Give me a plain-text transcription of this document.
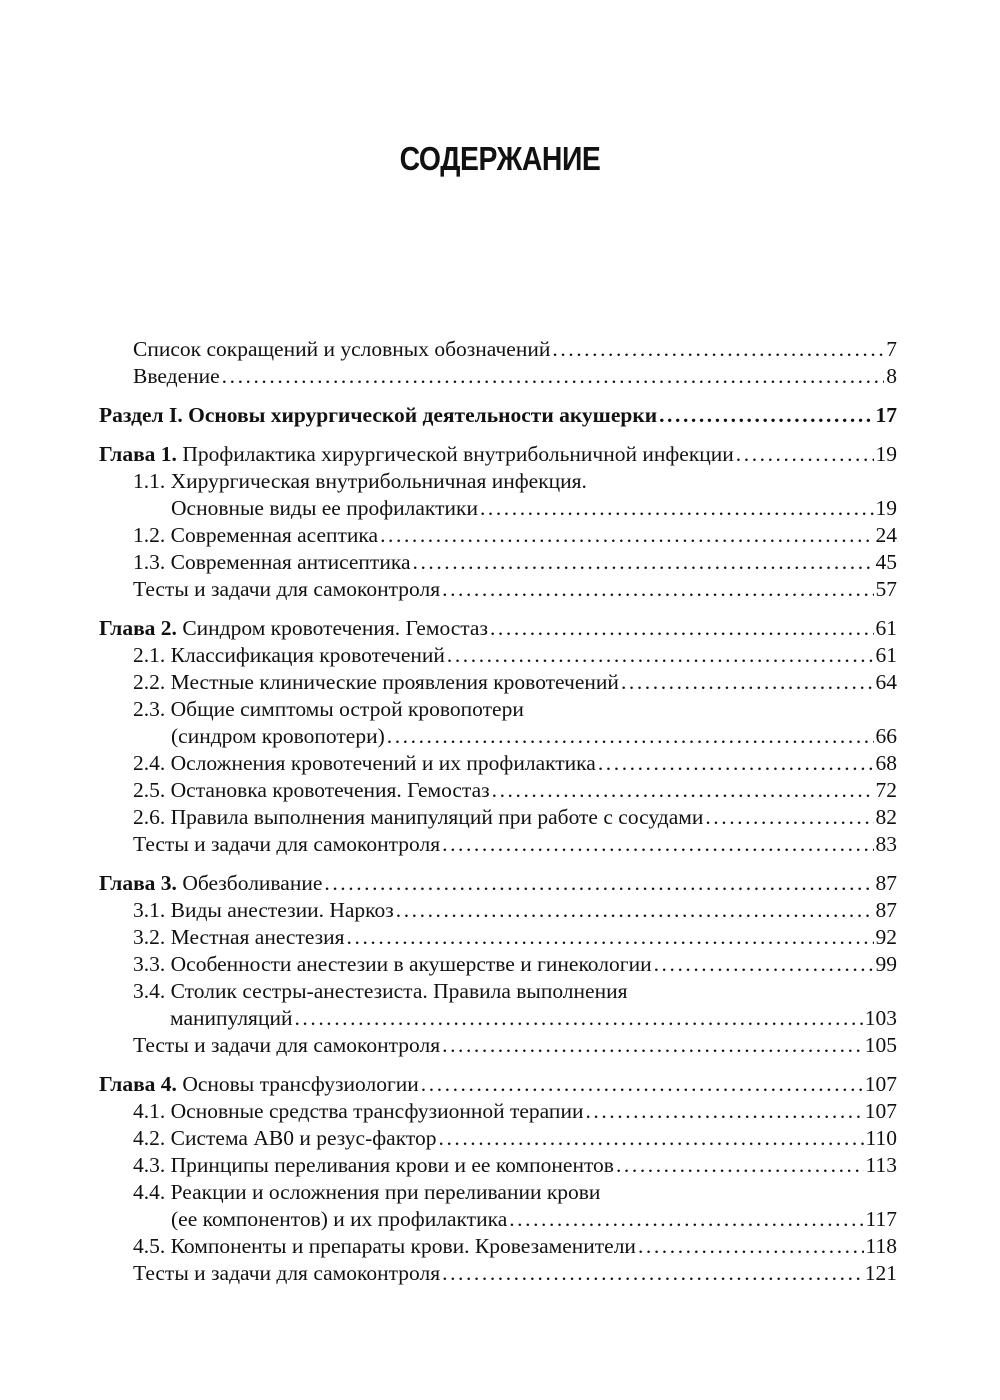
СОДЕРЖАНИЕ
Список сокращений и условных обозначений . . .	7
Введение . . .	8
Раздел I. Основы хирургической деятельности акушерки . . .	17
Глава 1. Профилактика хирургической внутрибольничной инфекции . . .	19
1.1. Хирургическая внутрибольничная инфекция.
Основные виды ее профилактики . . .	19
1.2. Современная асептика . . .	24
1.3. Современная антисептика . . .	45
Тесты и задачи для самоконтроля . . .	57
Глава 2. Синдром кровотечения. Гемостаз . . .	61
2.1. Классификация кровотечений . . .	61
2.2. Местные клинические проявления кровотечений . . .	64
2.3. Общие симптомы острой кровопотери
(синдром кровопотери) . . .	66
2.4. Осложнения кровотечений и их профилактика . . .	68
2.5. Остановка кровотечения. Гемостаз . . .	72
2.6. Правила выполнения манипуляций при работе с сосудами . . .	82
Тесты и задачи для самоконтроля . . .	83
Глава 3. Обезболивание . . .	87
3.1. Виды анестезии. Наркоз . . .	87
3.2. Местная анестезия . . .	92
3.3. Особенности анестезии в акушерстве и гинекологии . . .	99
3.4. Столик сестры-анестезиста. Правила выполнения
манипуляций . . .	103
Тесты и задачи для самоконтроля . . .	105
Глава 4. Основы трансфузиологии . . .	107
4.1. Основные средства трансфузионной терапии . . .	107
4.2. Система АВ0 и резус-фактор . . .	110
4.3. Принципы переливания крови и ее компонентов . . .	113
4.4. Реакции и осложнения при переливании крови
(ее компонентов) и их профилактика . . .	117
4.5. Компоненты и препараты крови. Кровезаменители . . .	118
Тесты и задачи для самоконтроля . . .	121
